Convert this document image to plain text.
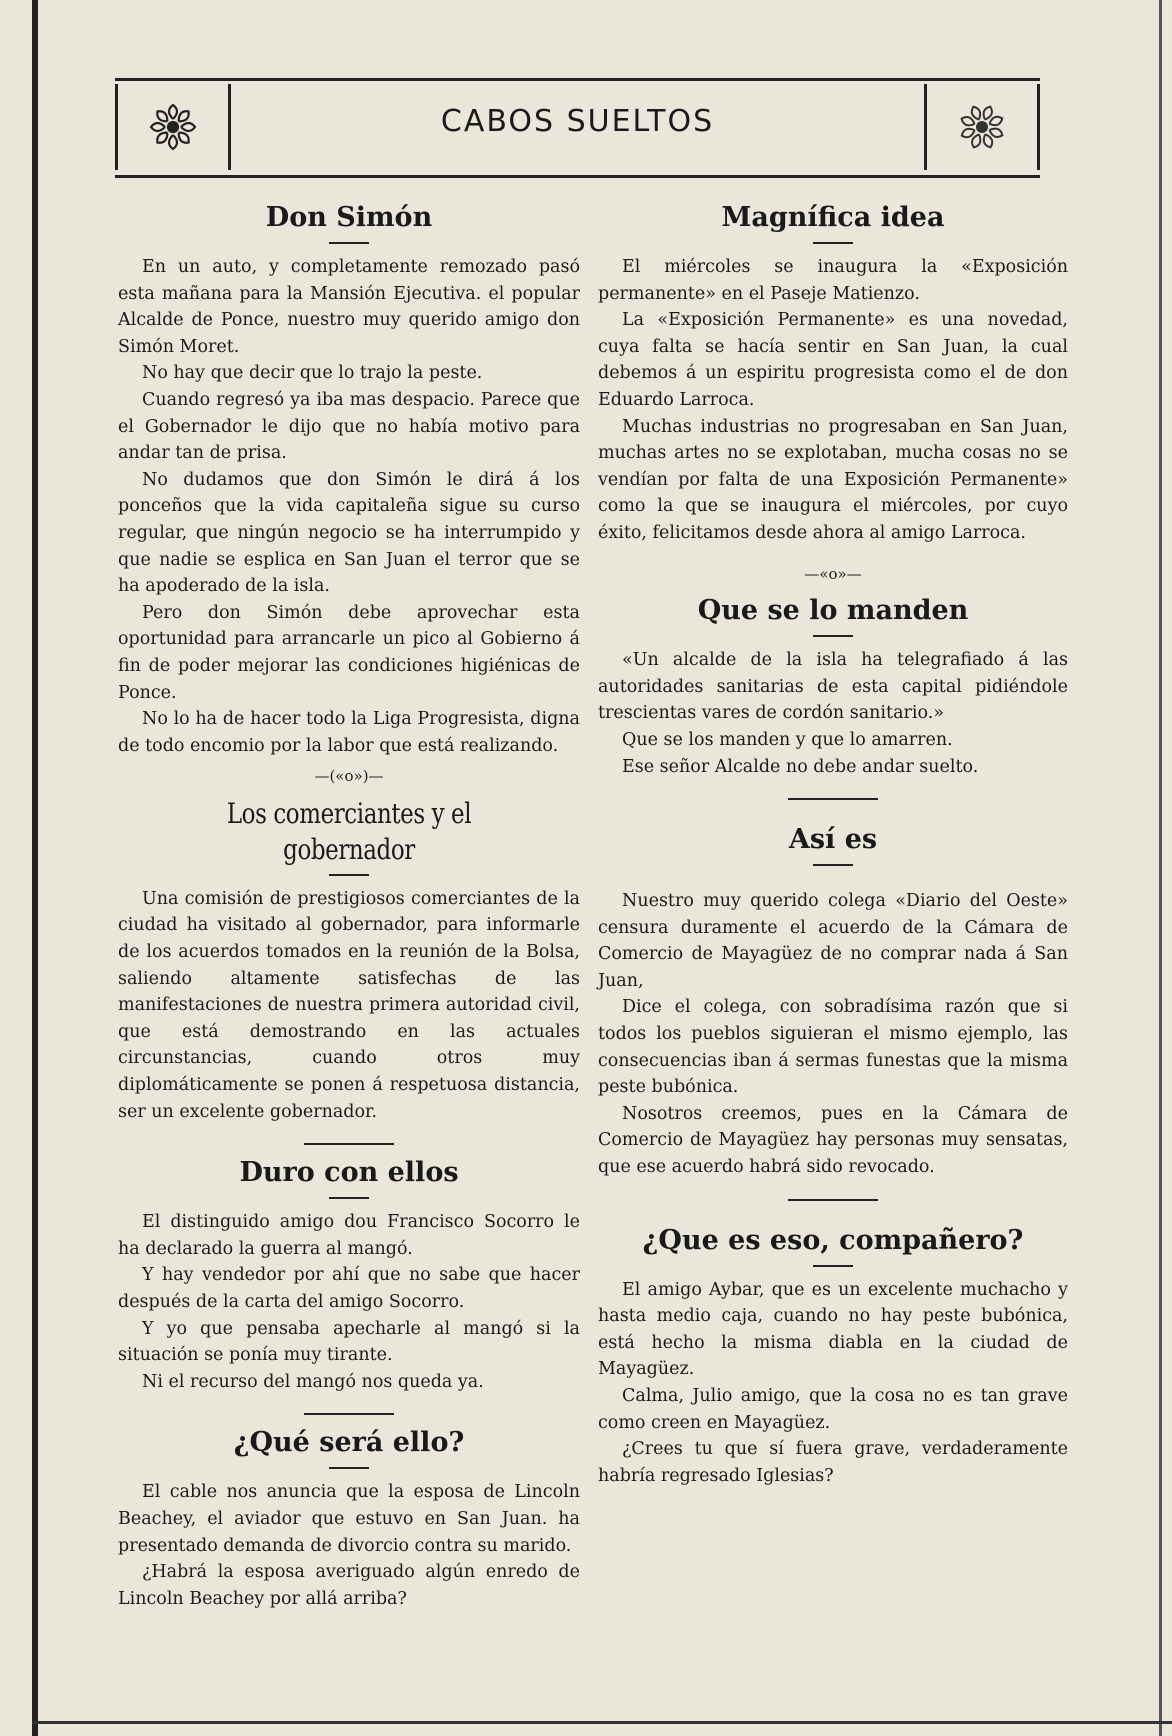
CABOS SUELTOS
Don Simón

En un auto, y completamente remozado pasó esta mañana para la Mansión Ejecutiva. el popular Alcalde de Ponce, nuestro muy querido amigo don Simón Moret.

No hay que decir que lo trajo la peste.

Cuando regresó ya iba mas despacio. Parece que el Gobernador le dijo que no había motivo para andar tan de prisa.

No dudamos que don Simón le dirá á los ponceños que la vida capitaleña sigue su curso regular, que ningún negocio se ha interrumpido y que nadie se esplica en San Juan el terror que se ha apoderado de la isla.

Pero don Simón debe aprovechar esta oportunidad para arrancarle un pico al Gobierno á fin de poder mejorar las condiciones higiénicas de Ponce.

No lo ha de hacer todo la Liga Progresista, digna de todo encomio por la labor que está realizando.

—(«o»)—
Los comerciantes y el gobernador

Una comisión de prestigiosos comerciantes de la ciudad ha visitado al gobernador, para informarle de los acuerdos tomados en la reunión de la Bolsa, saliendo altamente satisfechas de las manifestaciones de nuestra primera autoridad civil, que está demostrando en las actuales circunstancias, cuando otros muy diplomáticamente se ponen á respetuosa distancia, ser un excelente gobernador.

Duro con ellos

El distinguido amigo dou Francisco Socorro le ha declarado la guerra al mangó.

Y hay vendedor por ahí que no sabe que hacer después de la carta del amigo Socorro.

Y yo que pensaba apecharle al mangó si la situación se ponía muy tirante.

Ni el recurso del mangó nos queda ya.

¿Qué será ello?

El cable nos anuncia que la esposa de Lincoln Beachey, el aviador que estuvo en San Juan. ha presentado demanda de divorcio contra su marido.

¿Habrá la esposa averiguado algún enredo de Lincoln Beachey por allá arriba?

Magnífica idea

El miércoles se inaugura la «Exposición permanente» en el Paseje Matienzo.

La «Exposición Permanente» es una novedad, cuya falta se hacía sentir en San Juan, la cual debemos á un espiritu progresista como el de don Eduardo Larroca.

Muchas industrias no progresaban en San Juan, muchas artes no se explotaban, mucha cosas no se vendían por falta de una Exposición Permanente» como la que se inaugura el miércoles, por cuyo éxito, felicitamos desde ahora al amigo Larroca.

—«o»—
Que se lo manden

«Un alcalde de la isla ha telegrafiado á las autoridades sanitarias de esta capital pidiéndole trescientas vares de cordón sanitario.»

Que se los manden y que lo amarren.

Ese señor Alcalde no debe andar suelto.

Así es

Nuestro muy querido colega «Diario del Oeste» censura duramente el acuerdo de la Cámara de Comercio de Mayagüez de no comprar nada á San Juan,

Dice el colega, con sobradísima razón que si todos los pueblos siguieran el mismo ejemplo, las consecuencias iban á sermas funestas que la misma peste bubónica.

Nosotros creemos, pues en la Cámara de Comercio de Mayagüez hay personas muy sensatas, que ese acuerdo habrá sido revocado.

¿Que es eso, compañero?

El amigo Aybar, que es un excelente muchacho y hasta medio caja, cuando no hay peste bubónica, está hecho la misma diabla en la ciudad de Mayagüez.

Calma, Julio amigo, que la cosa no es tan grave como creen en Mayagüez.

¿Crees tu que sí fuera grave, verdaderamente habría regresado Iglesias?
